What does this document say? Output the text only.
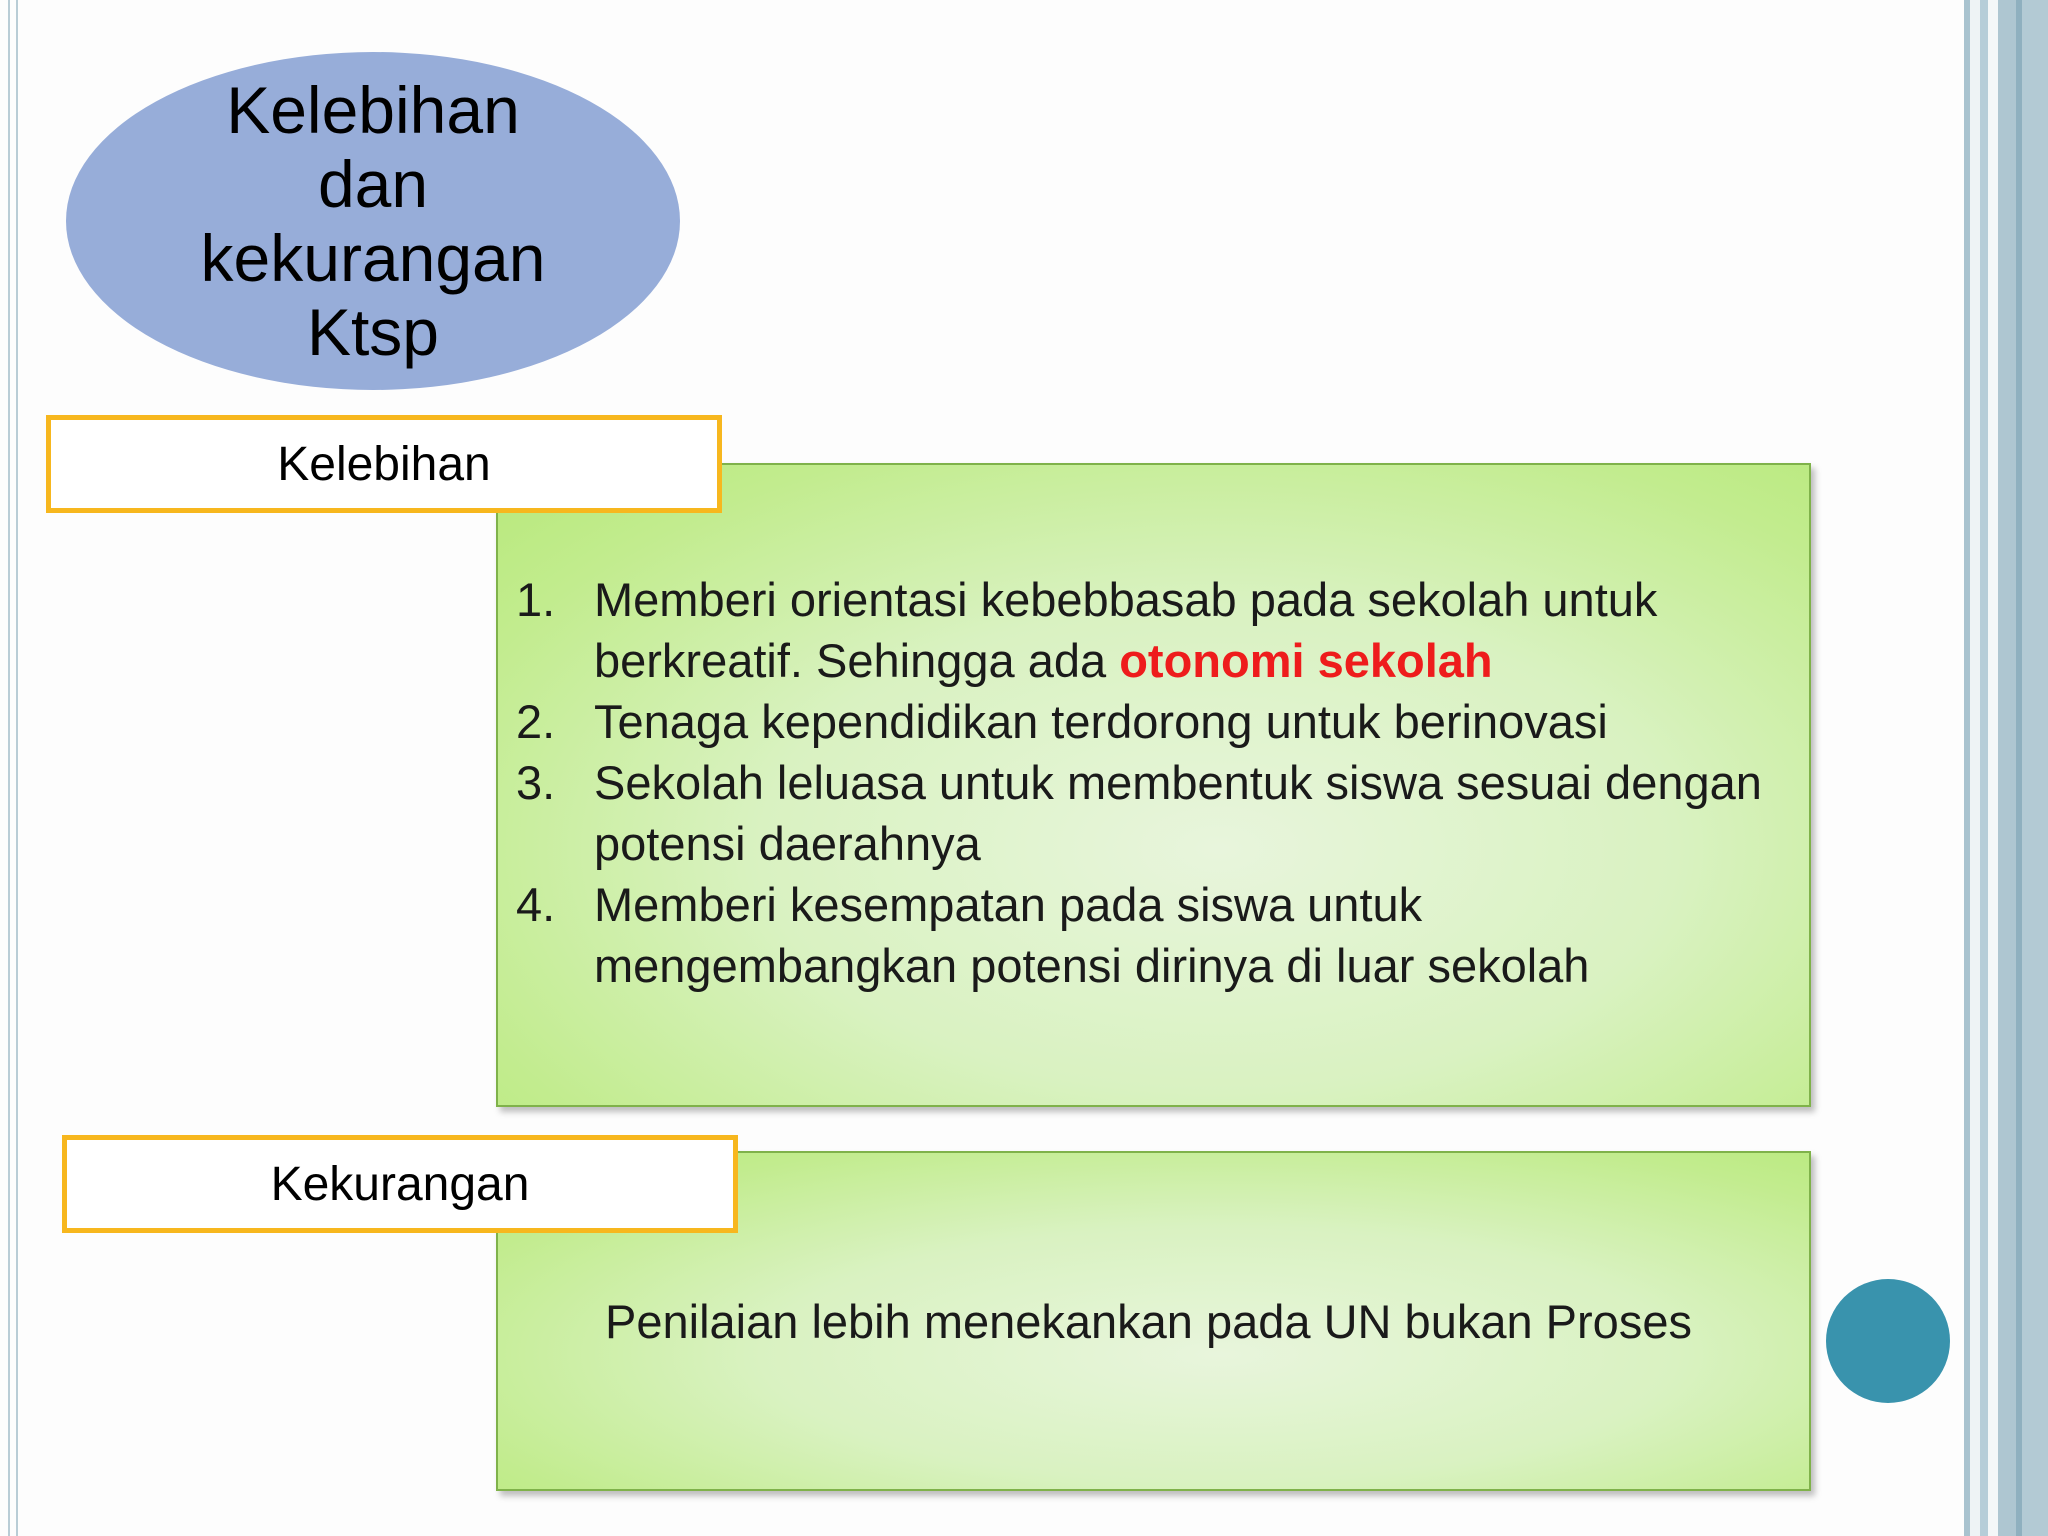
Kelebihan
dan
kekurangan
Ktsp
1. Memberi orientasi kebebbasab pada sekolah untuk berkreatif. Sehingga ada otonomi sekolah
2. Tenaga kependidikan terdorong untuk berinovasi
3. Sekolah leluasa untuk membentuk siswa sesuai dengan potensi daerahnya
4. Memberi kesempatan pada siswa untuk mengembangkan potensi dirinya di luar sekolah
Kelebihan
Penilaian lebih menekankan pada UN bukan Proses
Kekurangan
